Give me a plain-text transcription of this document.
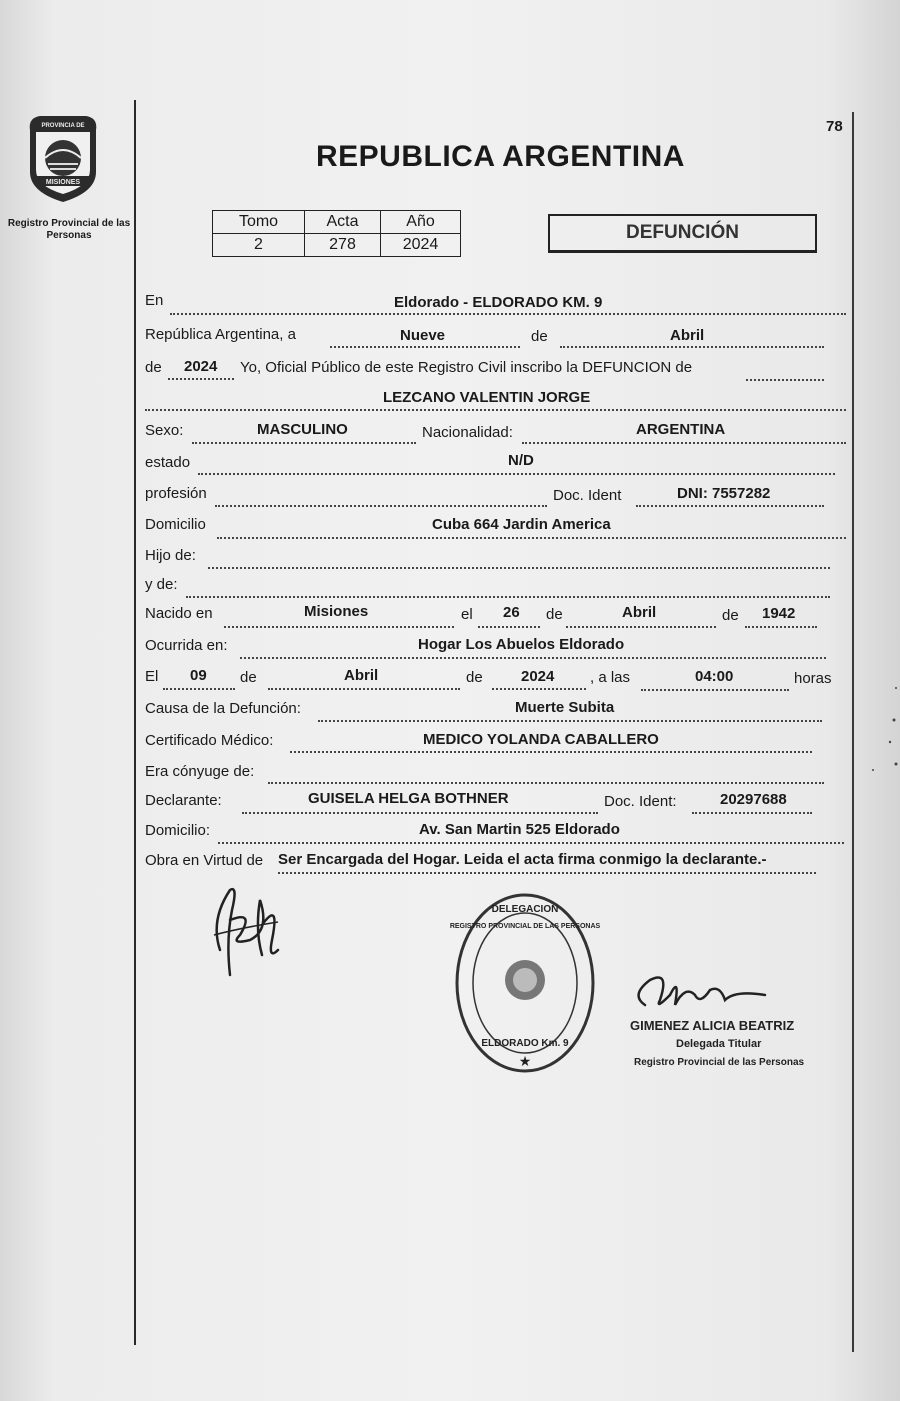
78
MISIONES
PROVINCIA DE
Registro Provincial de las Personas
REPUBLICA ARGENTINA
Tomo	Acta	Año
2	278	2024
DEFUNCIÓN
En	Eldorado - ELDORADO KM. 9
República Argentina, a	Nueve	de	Abril
de 2024 Yo, Oficial Público de este Registro Civil inscribo la DEFUNCION de
LEZCANO VALENTIN JORGE
Sexo:	MASCULINO	Nacionalidad:	ARGENTINA
estado	N/D
profesión	Doc. Ident	DNI: 7557282
Domicilio	Cuba 664 Jardin America
Hijo de:
y de:
Nacido en	Misiones	el 26 de	Abril	de 1942
Ocurrida en:	Hogar Los Abuelos Eldorado
El 09 de	Abril	de	2024 , a las	04:00	horas
Causa de la Defunción:	Muerte Subita
Certificado Médico:	MEDICO YOLANDA CABALLERO
Era cónyuge de:
Declarante:	GUISELA HELGA BOTHNER	Doc. Ident:	20297688
Domicilio:	Av. San Martin 525 Eldorado
Obra en Virtud de Ser Encargada del Hogar. Leida el acta firma conmigo la declarante.-
DELEGACION
REGISTRO PROVINCIAL DE LAS PERSONAS
ELDORADO Km. 9
★
GIMENEZ ALICIA BEATRIZ
Delegada Titular
Registro Provincial de las Personas
